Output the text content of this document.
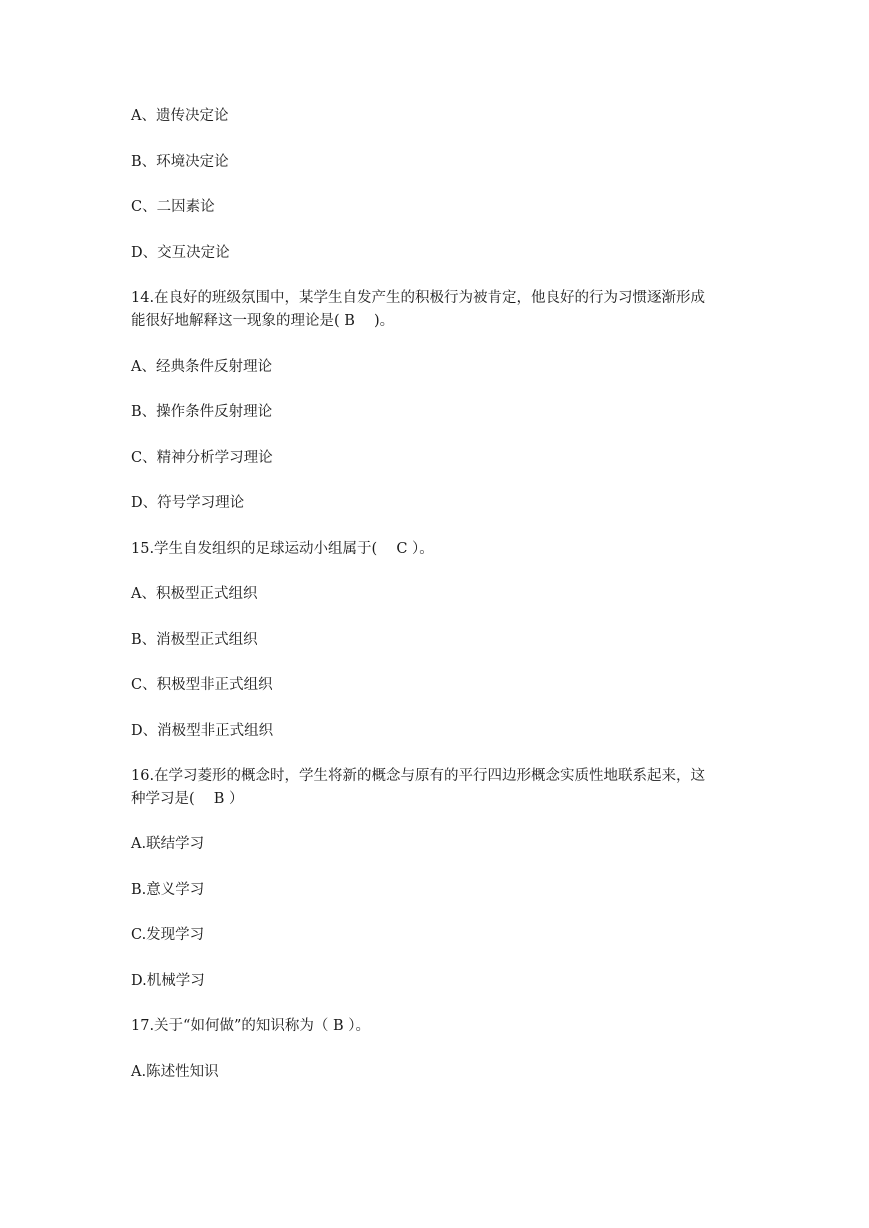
A、遗传决定论
B、环境决定论
C、二因素论
D、交互决定论
14.在良好的班级氛围中，某学生自发产生的积极行为被肯定，他良好的行为习惯逐渐形成
能很好地解释这一现象的理论是( B　 )。
A、经典条件反射理论
B、操作条件反射理论
C、精神分析学习理论
D、符号学习理论
15.学生自发组织的足球运动小组属于(　 C ）。
A、积极型正式组织
B、消极型正式组织
C、积极型非正式组织
D、消极型非正式组织
16.在学习菱形的概念时，学生将新的概念与原有的平行四边形概念实质性地联系起来，这
种学习是( 　B ）
A.联结学习
B.意义学习
C.发现学习
D.机械学习
17.关于“如何做”的知识称为（ B ）。
A.陈述性知识
